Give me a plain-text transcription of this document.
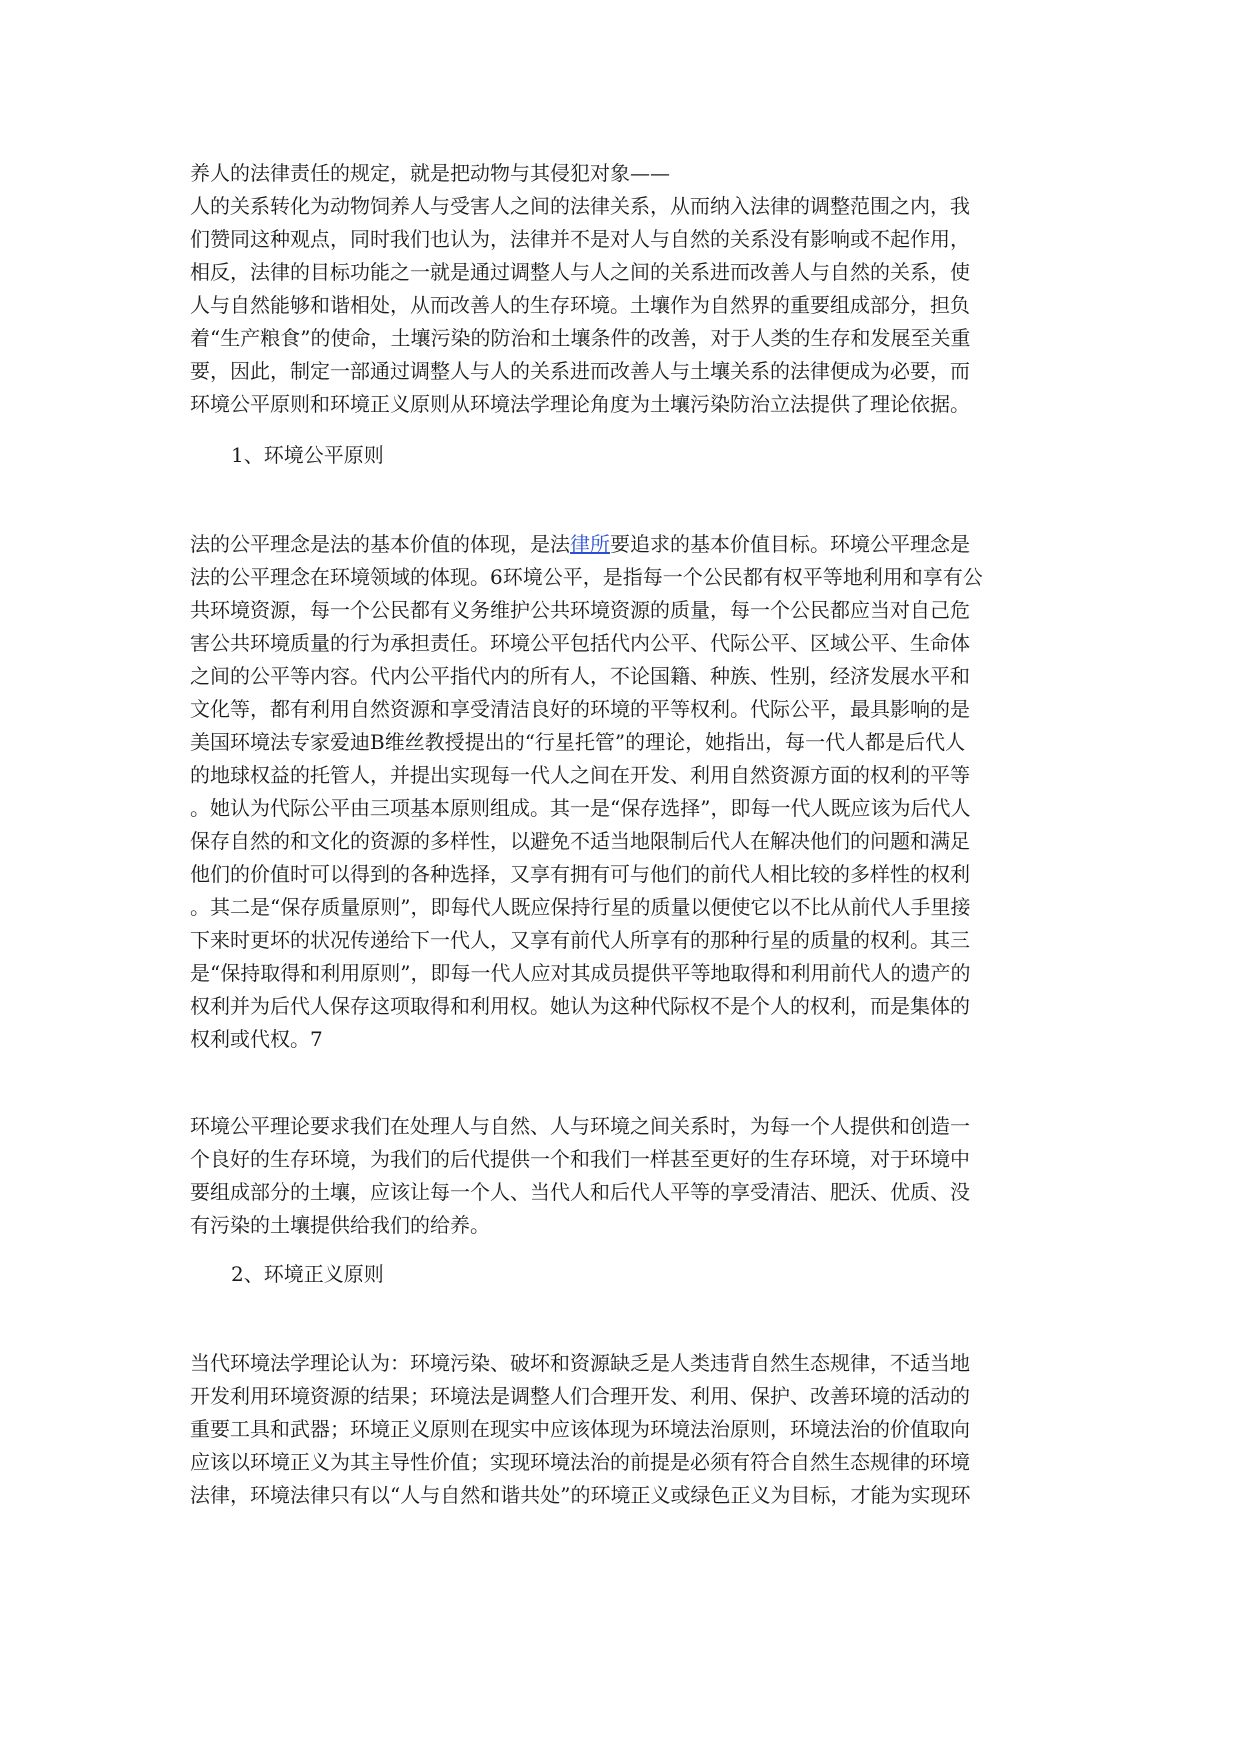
养人的法律责任的规定，就是把动物与其侵犯对象——
人的关系转化为动物饲养人与受害人之间的法律关系，从而纳入法律的调整范围之内，我
们赞同这种观点，同时我们也认为，法律并不是对人与自然的关系没有影响或不起作用，
相反，法律的目标功能之一就是通过调整人与人之间的关系进而改善人与自然的关系，使
人与自然能够和谐相处，从而改善人的生存环境。土壤作为自然界的重要组成部分，担负
着“生产粮食”的使命，土壤污染的防治和土壤条件的改善，对于人类的生存和发展至关重
要，因此，制定一部通过调整人与人的关系进而改善人与土壤关系的法律便成为必要，而
环境公平原则和环境正义原则从环境法学理论角度为土壤污染防治立法提供了理论依据。
1、环境公平原则
法的公平理念是法的基本价值的体现，是法律所要追求的基本价值目标。环境公平理念是
法的公平理念在环境领域的体现。6环境公平，是指每一个公民都有权平等地利用和享有公
共环境资源，每一个公民都有义务维护公共环境资源的质量，每一个公民都应当对自己危
害公共环境质量的行为承担责任。环境公平包括代内公平、代际公平、区域公平、生命体
之间的公平等内容。代内公平指代内的所有人，不论国籍、种族、性别，经济发展水平和
文化等，都有利用自然资源和享受清洁良好的环境的平等权利。代际公平，最具影响的是
美国环境法专家爱迪B维丝教授提出的“行星托管”的理论，她指出，每一代人都是后代人
的地球权益的托管人，并提出实现每一代人之间在开发、利用自然资源方面的权利的平等
。她认为代际公平由三项基本原则组成。其一是“保存选择”，即每一代人既应该为后代人
保存自然的和文化的资源的多样性，以避免不适当地限制后代人在解决他们的问题和满足
他们的价值时可以得到的各种选择，又享有拥有可与他们的前代人相比较的多样性的权利
。其二是“保存质量原则”，即每代人既应保持行星的质量以便使它以不比从前代人手里接
下来时更坏的状况传递给下一代人，又享有前代人所享有的那种行星的质量的权利。其三
是“保持取得和利用原则”，即每一代人应对其成员提供平等地取得和利用前代人的遗产的
权利并为后代人保存这项取得和利用权。她认为这种代际权不是个人的权利，而是集体的
权利或代权。7
环境公平理论要求我们在处理人与自然、人与环境之间关系时，为每一个人提供和创造一
个良好的生存环境，为我们的后代提供一个和我们一样甚至更好的生存环境，对于环境中
要组成部分的土壤，应该让每一个人、当代人和后代人平等的享受清洁、肥沃、优质、没
有污染的土壤提供给我们的给养。
2、环境正义原则
当代环境法学理论认为：环境污染、破坏和资源缺乏是人类违背自然生态规律，不适当地
开发利用环境资源的结果；环境法是调整人们合理开发、利用、保护、改善环境的活动的
重要工具和武器；环境正义原则在现实中应该体现为环境法治原则，环境法治的价值取向
应该以环境正义为其主导性价值；实现环境法治的前提是必须有符合自然生态规律的环境
法律，环境法律只有以“人与自然和谐共处”的环境正义或绿色正义为目标，才能为实现环
